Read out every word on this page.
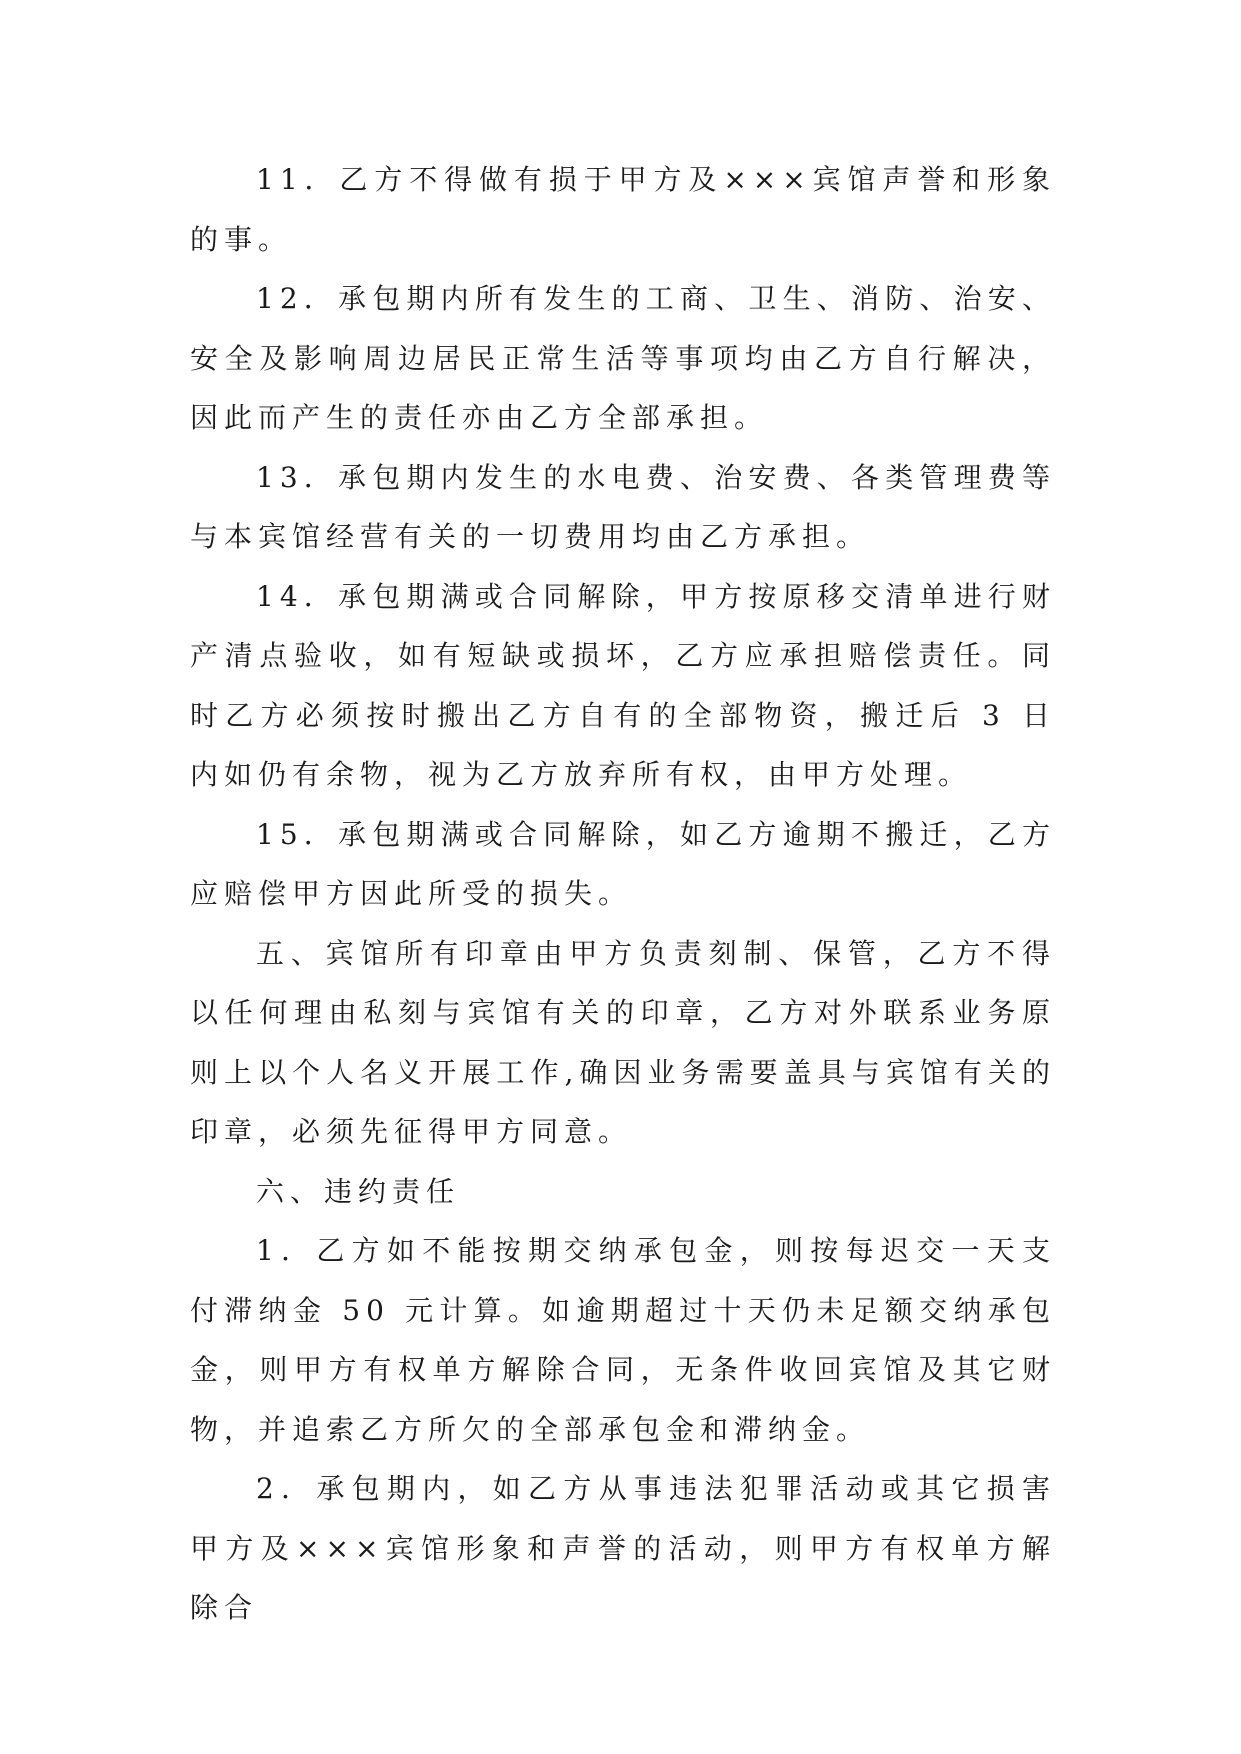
11．乙方不得做有损于甲方及×××宾馆声誉和形象的事。

12．承包期内所有发生的工商、卫生、消防、治安、安全及影响周边居民正常生活等事项均由乙方自行解决，因此而产生的责任亦由乙方全部承担。

13．承包期内发生的水电费、治安费、各类管理费等与本宾馆经营有关的一切费用均由乙方承担。

14．承包期满或合同解除，甲方按原移交清单进行财产清点验收，如有短缺或损坏，乙方应承担赔偿责任。同时乙方必须按时搬出乙方自有的全部物资，搬迁后 3 日内如仍有余物，视为乙方放弃所有权，由甲方处理。

15．承包期满或合同解除，如乙方逾期不搬迁，乙方应赔偿甲方因此所受的损失。

五、宾馆所有印章由甲方负责刻制、保管，乙方不得以任何理由私刻与宾馆有关的印章，乙方对外联系业务原则上以个人名义开展工作,确因业务需要盖具与宾馆有关的印章，必须先征得甲方同意。

六、违约责任

1．乙方如不能按期交纳承包金，则按每迟交一天支付滞纳金 50 元计算。如逾期超过十天仍未足额交纳承包金，则甲方有权单方解除合同，无条件收回宾馆及其它财物，并追索乙方所欠的全部承包金和滞纳金。

2．承包期内，如乙方从事违法犯罪活动或其它损害甲方及×××宾馆形象和声誉的活动，则甲方有权单方解除合
